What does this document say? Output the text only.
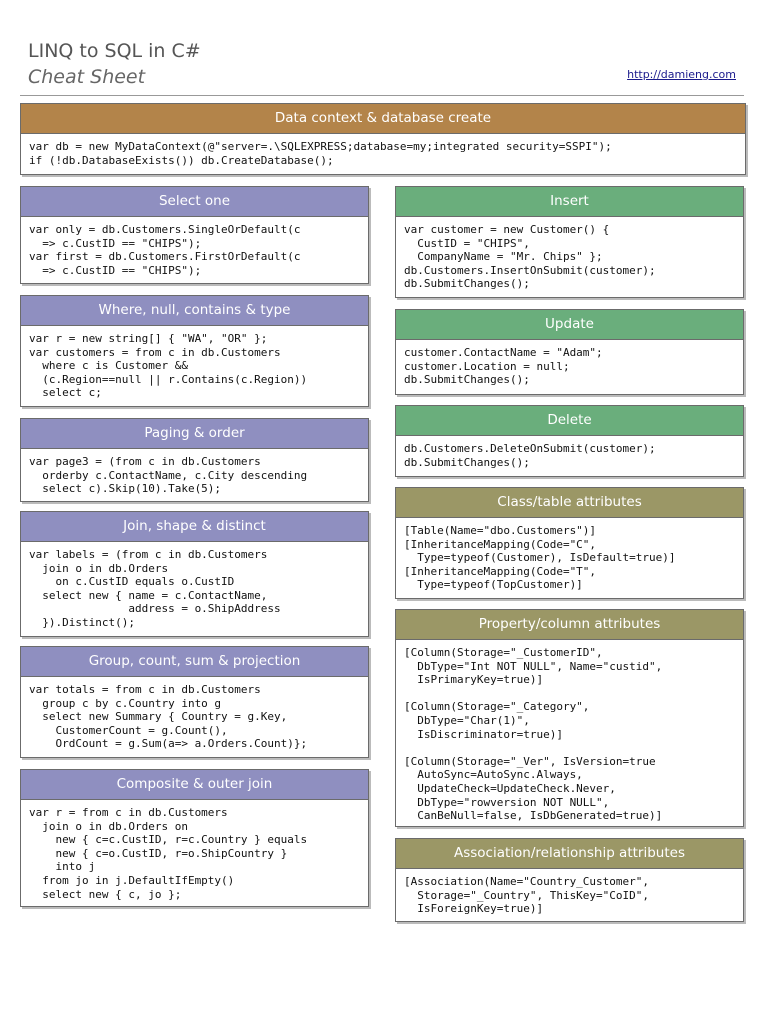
LINQ to SQL in C#
Cheat Sheet	http://damieng.com
Data context & database create
var db = new MyDataContext(@"server=.\SQLEXPRESS;database=my;integrated security=SSPI");
if (!db.DatabaseExists()) db.CreateDatabase();
Select one
var only = db.Customers.SingleOrDefault(c
=> c.CustID == "CHIPS");
var first = db.Customers.FirstOrDefault(c
=> c.CustID == "CHIPS");
Where, null, contains & type
var r = new string[] { "WA", "OR" };
var customers = from c in db.Customers
where c is Customer &&
(c.Region==null || r.Contains(c.Region))
select c;
Paging & order
var page3 = (from c in db.Customers
orderby c.ContactName, c.City descending
select c).Skip(10).Take(5);
Join, shape & distinct
var labels = (from c in db.Customers
join o in db.Orders
on c.CustID equals o.CustID
select new { name = c.ContactName,
address = o.ShipAddress
}).Distinct();
Group, count, sum & projection
var totals = from c in db.Customers
group c by c.Country into g
select new Summary { Country = g.Key,
CustomerCount = g.Count(),
OrdCount = g.Sum(a=> a.Orders.Count)};
Composite & outer join
var r = from c in db.Customers
join o in db.Orders on
new { c=c.CustID, r=c.Country } equals
new { c=o.CustID, r=o.ShipCountry }
into j
from jo in j.DefaultIfEmpty()
select new { c, jo };
Insert
var customer = new Customer() {
CustID = "CHIPS",
CompanyName = "Mr. Chips" };
db.Customers.InsertOnSubmit(customer);
db.SubmitChanges();
Update
customer.ContactName = "Adam";
customer.Location = null;
db.SubmitChanges();
Delete
db.Customers.DeleteOnSubmit(customer);
db.SubmitChanges();
Class/table attributes
[Table(Name="dbo.Customers")]
[InheritanceMapping(Code="C",
Type=typeof(Customer), IsDefault=true)]
[InheritanceMapping(Code="T",
Type=typeof(TopCustomer)]
Property/column attributes
[Column(Storage="_CustomerID",
DbType="Int NOT NULL", Name="custid",
IsPrimaryKey=true)]

[Column(Storage="_Category",
DbType="Char(1)",
IsDiscriminator=true)]

[Column(Storage="_Ver", IsVersion=true
AutoSync=AutoSync.Always,
UpdateCheck=UpdateCheck.Never,
DbType="rowversion NOT NULL",
CanBeNull=false, IsDbGenerated=true)]
Association/relationship attributes
[Association(Name="Country_Customer",
Storage="_Country", ThisKey="CoID",
IsForeignKey=true)]
